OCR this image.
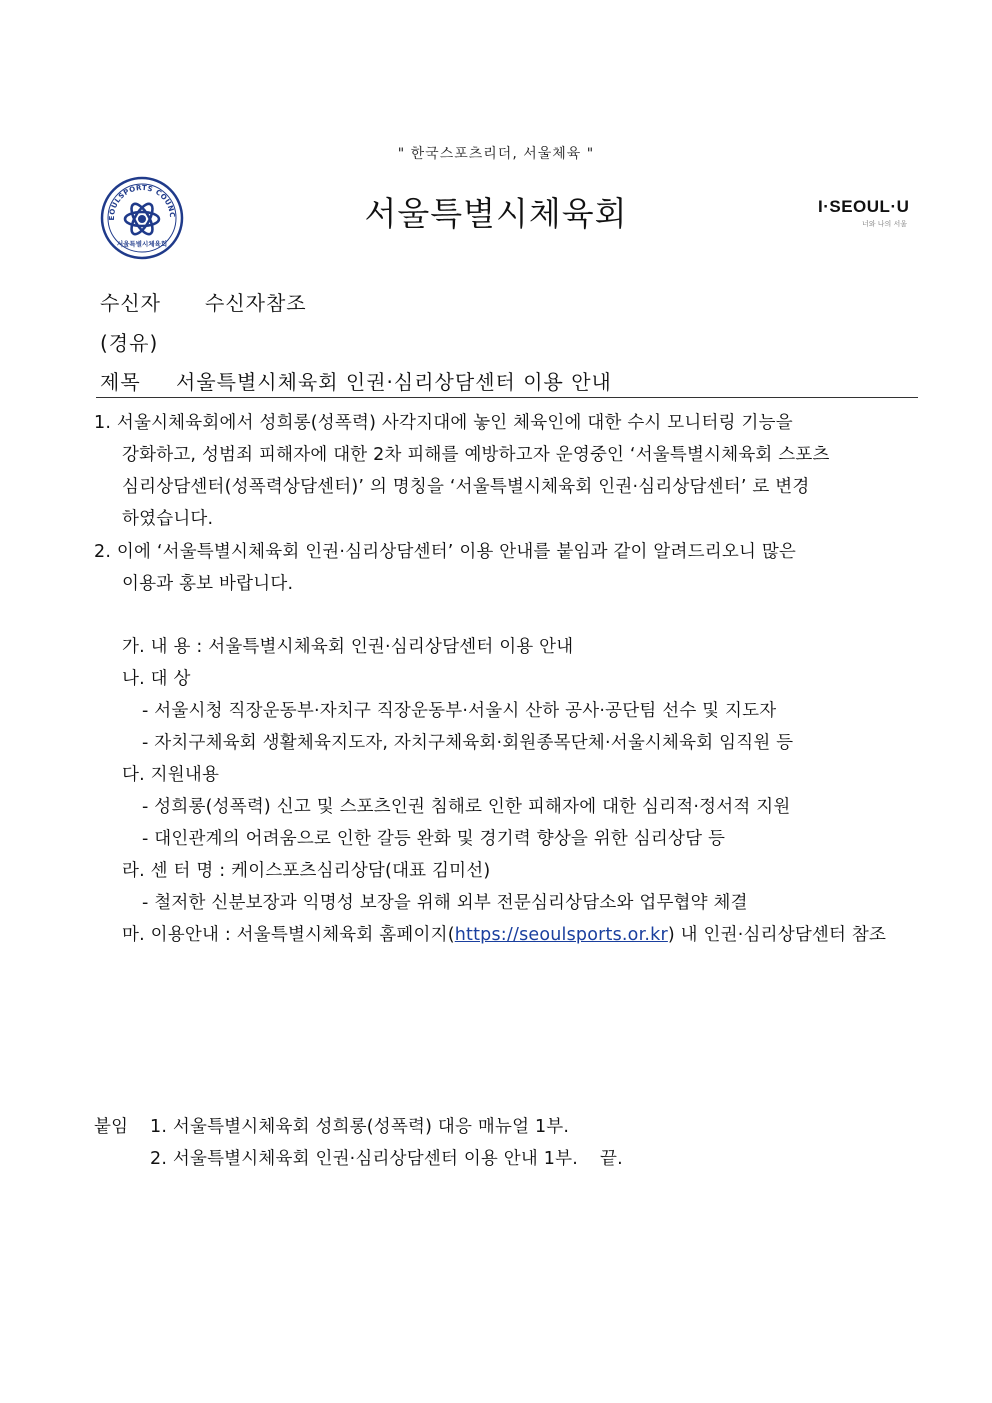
" 한국스포츠리더, 서울체육 "
EOULSPORTS COUNC
서울특별시체육회
서울특별시체육회	I·SEOUL·U
너와 나의 서울
수신자 수신자참조
(경유)
제목 서울특별시체육회 인권·심리상담센터 이용 안내
1. 서울시체육회에서 성희롱(성폭력) 사각지대에 놓인 체육인에 대한 수시 모니터링 기능을
강화하고, 성범죄 피해자에 대한 2차 피해를 예방하고자 운영중인 ‘서울특별시체육회 스포츠
심리상담센터(성폭력상담센터)’ 의 명칭을 ‘서울특별시체육회 인권·심리상담센터’ 로 변경
하였습니다.
2. 이에 ‘서울특별시체육회 인권·심리상담센터’ 이용 안내를 붙임과 같이 알려드리오니 많은
이용과 홍보 바랍니다.
가. 내 용 : 서울특별시체육회 인권·심리상담센터 이용 안내
나. 대 상
- 서울시청 직장운동부·자치구 직장운동부·서울시 산하 공사·공단팀 선수 및 지도자
- 자치구체육회 생활체육지도자, 자치구체육회·회원종목단체·서울시체육회 임직원 등
다. 지원내용
- 성희롱(성폭력) 신고 및 스포츠인권 침해로 인한 피해자에 대한 심리적·정서적 지원
- 대인관계의 어려움으로 인한 갈등 완화 및 경기력 향상을 위한 심리상담 등
라. 센 터 명 : 케이스포츠심리상담(대표 김미선)
- 철저한 신분보장과 익명성 보장을 위해 외부 전문심리상담소와 업무협약 체결
마. 이용안내 : 서울특별시체육회 홈페이지(https://seoulsports.or.kr) 내 인권·심리상담센터 참조
붙임 1. 서울특별시체육회 성희롱(성폭력) 대응 매뉴얼 1부.
2. 서울특별시체육회 인권·심리상담센터 이용 안내 1부. 끝.
